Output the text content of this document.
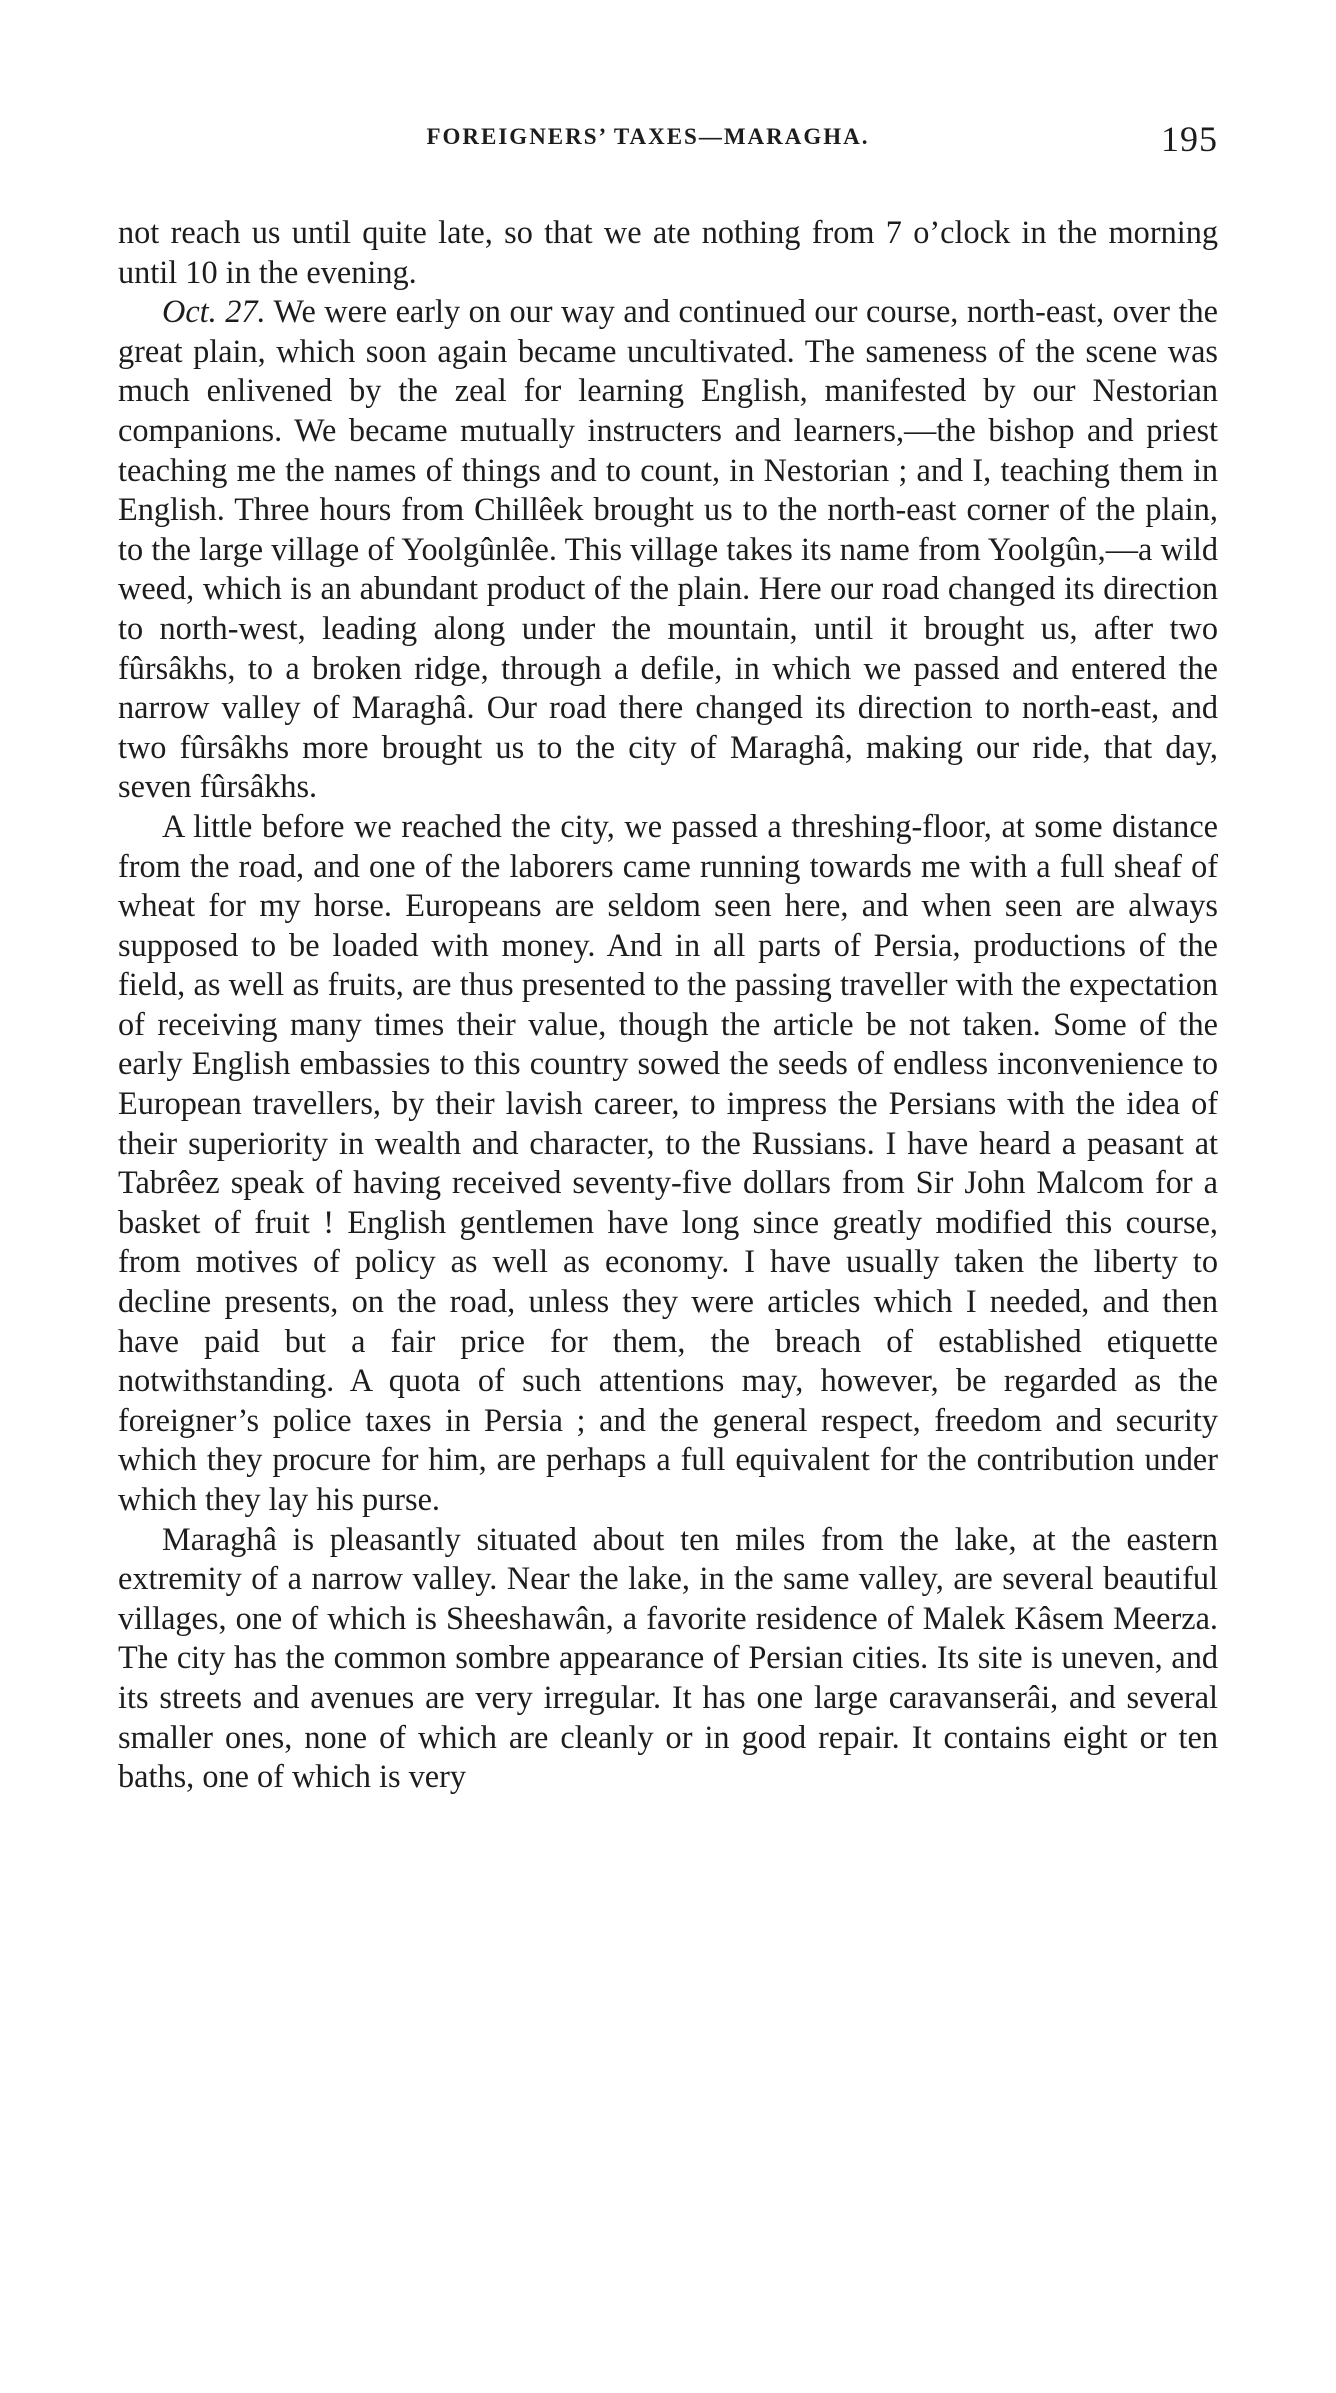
FOREIGNERS’ TAXES—MARAGHA.	195

not reach us until quite late, so that we ate nothing from 7 o’clock in the morning until 10 in the evening.

Oct. 27. We were early on our way and continued our course, north-east, over the great plain, which soon again became uncultivated. The sameness of the scene was much enlivened by the zeal for learning English, manifested by our Nestorian companions. We became mutually instructers and learners,—the bishop and priest teaching me the names of things and to count, in Nestorian ; and I, teaching them in English. Three hours from Chillêek brought us to the north-east corner of the plain, to the large village of Yoolgûnlêe. This village takes its name from Yoolgûn,—a wild weed, which is an abundant product of the plain. Here our road changed its direction to north-west, leading along under the mountain, until it brought us, after two fûrsâkhs, to a broken ridge, through a defile, in which we passed and entered the narrow valley of Maraghâ. Our road there changed its direction to north-east, and two fûrsâkhs more brought us to the city of Maraghâ, making our ride, that day, seven fûrsâkhs.

A little before we reached the city, we passed a threshing-floor, at some distance from the road, and one of the laborers came running towards me with a full sheaf of wheat for my horse. Europeans are seldom seen here, and when seen are always supposed to be loaded with money. And in all parts of Persia, productions of the field, as well as fruits, are thus presented to the passing traveller with the expectation of receiving many times their value, though the article be not taken. Some of the early English embassies to this country sowed the seeds of endless inconvenience to European travellers, by their lavish career, to impress the Persians with the idea of their superiority in wealth and character, to the Russians. I have heard a peasant at Tabrêez speak of having received seventy-five dollars from Sir John Malcom for a basket of fruit ! English gentlemen have long since greatly modified this course, from motives of policy as well as economy. I have usually taken the liberty to decline presents, on the road, unless they were articles which I needed, and then have paid but a fair price for them, the breach of established etiquette notwithstanding. A quota of such attentions may, however, be regarded as the foreigner’s police taxes in Persia ; and the general respect, freedom and security which they procure for him, are perhaps a full equivalent for the contribution under which they lay his purse.

Maraghâ is pleasantly situated about ten miles from the lake, at the eastern extremity of a narrow valley. Near the lake, in the same valley, are several beautiful villages, one of which is Sheeshawân, a favorite residence of Malek Kâsem Meerza. The city has the common sombre appearance of Persian cities. Its site is uneven, and its streets and avenues are very irregular. It has one large caravanserâi, and several smaller ones, none of which are cleanly or in good repair. It contains eight or ten baths, one of which is very
